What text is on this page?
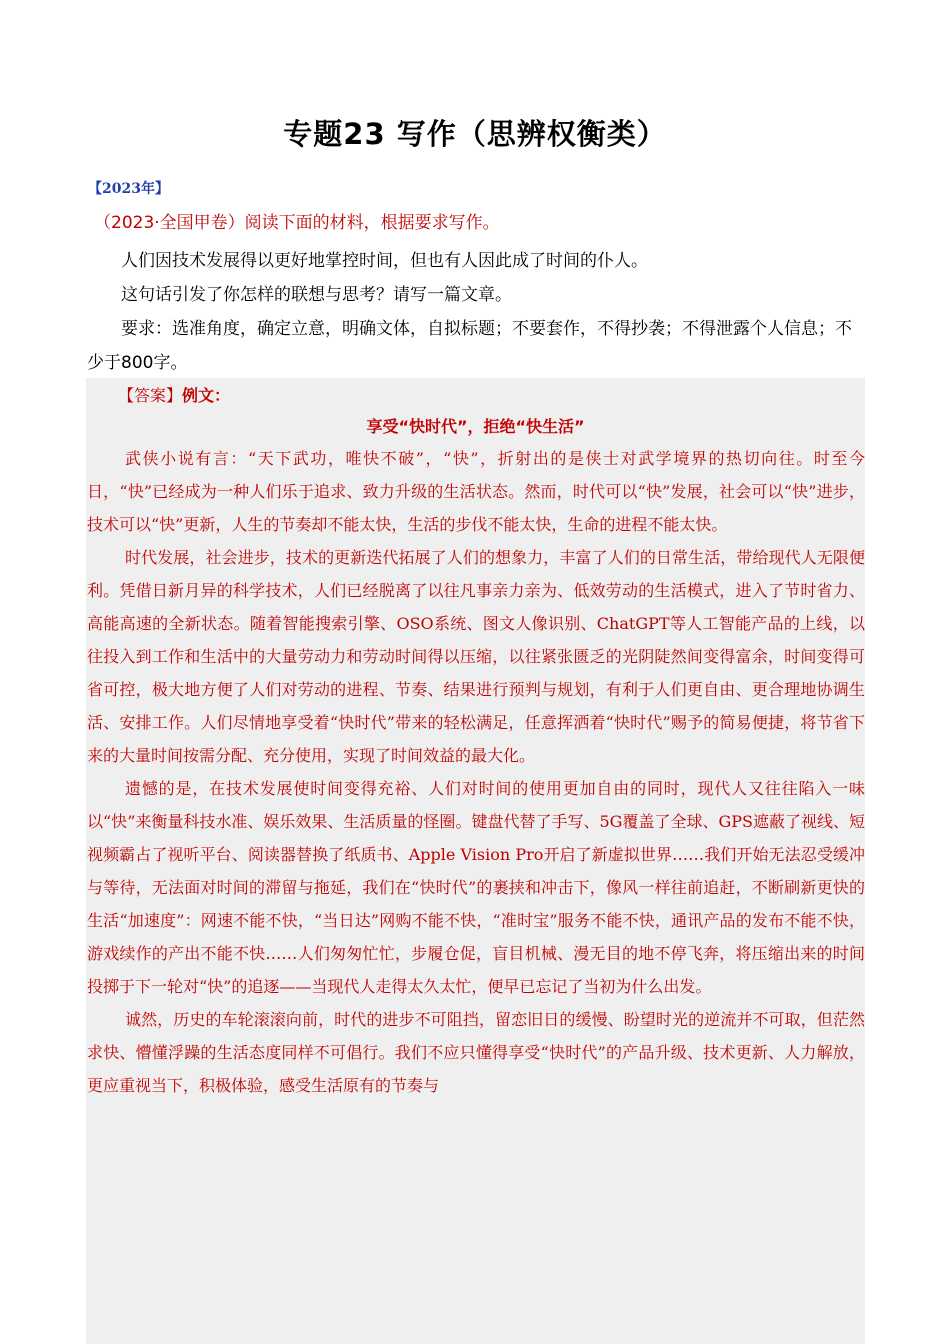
专题23 写作（思辨权衡类）
【2023年】
（2023·全国甲卷）阅读下面的材料，根据要求写作。

人们因技术发展得以更好地掌控时间，但也有人因此成了时间的仆人。

这句话引发了你怎样的联想与思考？请写一篇文章。

要求：选准角度，确定立意，明确文体，自拟标题；不要套作，不得抄袭；不得泄露个人信息；不少于800字。

【答案】例文：
享受“快时代”，拒绝“快生活”

武侠小说有言：“天下武功，唯快不破”，“快”，折射出的是侠士对武学境界的热切向往。时至今日，“快”已经成为一种人们乐于追求、致力升级的生活状态。然而，时代可以“快”发展，社会可以“快”进步，技术可以“快”更新，人生的节奏却不能太快，生活的步伐不能太快，生命的进程不能太快。

时代发展，社会进步，技术的更新迭代拓展了人们的想象力，丰富了人们的日常生活，带给现代人无限便利。凭借日新月异的科学技术，人们已经脱离了以往凡事亲力亲为、低效劳动的生活模式，进入了节时省力、高能高速的全新状态。随着智能搜索引擎、OSO系统、图文人像识别、ChatGPT等人工智能产品的上线，以往投入到工作和生活中的大量劳动力和劳动时间得以压缩，以往紧张匮乏的光阴陡然间变得富余，时间变得可省可控，极大地方便了人们对劳动的进程、节奏、结果进行预判与规划，有利于人们更自由、更合理地协调生活、安排工作。人们尽情地享受着“快时代”带来的轻松满足，任意挥洒着“快时代”赐予的简易便捷，将节省下来的大量时间按需分配、充分使用，实现了时间效益的最大化。

遗憾的是，在技术发展使时间变得充裕、人们对时间的使用更加自由的同时，现代人又往往陷入一味以“快”来衡量科技水准、娱乐效果、生活质量的怪圈。键盘代替了手写、5G覆盖了全球、GPS遮蔽了视线、短视频霸占了视听平台、阅读器替换了纸质书、Apple Vision Pro开启了新虚拟世界……我们开始无法忍受缓冲与等待，无法面对时间的滞留与拖延，我们在“快时代”的裹挟和冲击下，像风一样往前追赶，不断刷新更快的生活“加速度”：网速不能不快，“当日达”网购不能不快，“准时宝”服务不能不快，通讯产品的发布不能不快，游戏续作的产出不能不快……人们匆匆忙忙，步履仓促，盲目机械、漫无目的地不停飞奔，将压缩出来的时间投掷于下一轮对“快”的追逐——当现代人走得太久太忙，便早已忘记了当初为什么出发。

诚然，历史的车轮滚滚向前，时代的进步不可阻挡，留恋旧日的缓慢、盼望时光的逆流并不可取，但茫然求快、懵懂浮躁的生活态度同样不可倡行。我们不应只懂得享受“快时代”的产品升级、技术更新、人力解放，更应重视当下，积极体验，感受生活原有的节奏与
